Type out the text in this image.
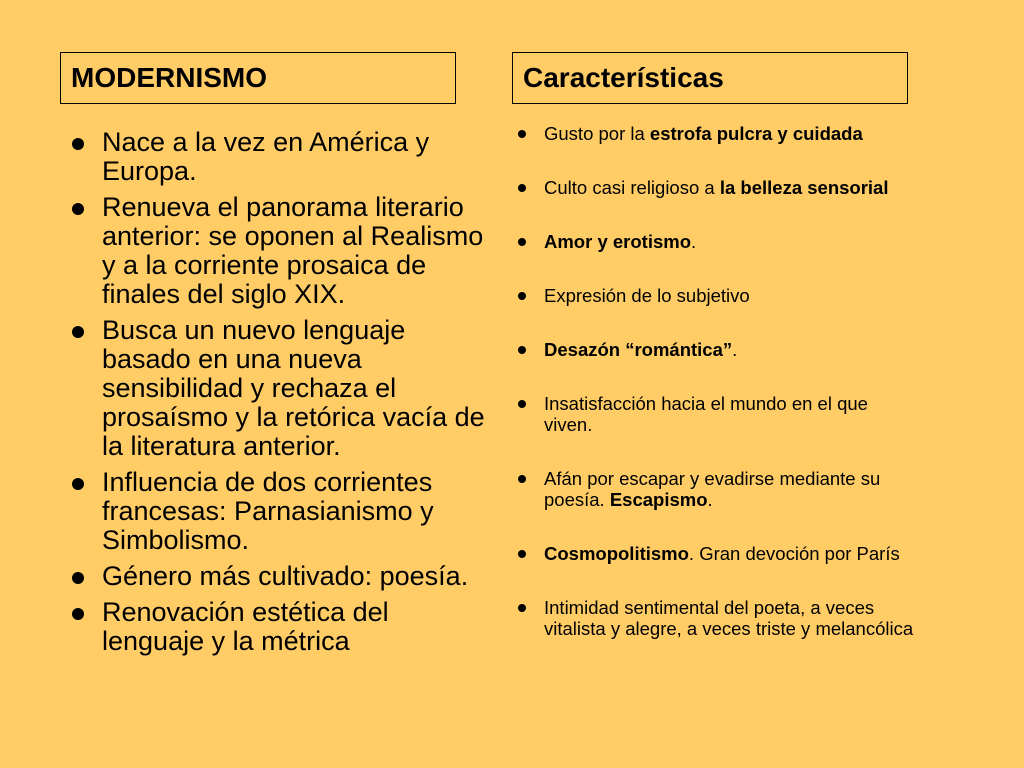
MODERNISMO	Características
Nace a la vez en América y Europa.
Renueva el panorama literario anterior: se oponen al Realismo y a la corriente prosaica de finales del siglo XIX.
Busca un nuevo lenguaje basado en una nueva sensibilidad y rechaza el prosaísmo y la retórica vacía de la literatura anterior.
Influencia de dos corrientes francesas: Parnasianismo y Simbolismo.
Género más cultivado: poesía.
Renovación estética del lenguaje y la métrica
Gusto por la estrofa pulcra y cuidada
Culto casi religioso a la belleza sensorial
Amor y erotismo.
Expresión de lo subjetivo
Desazón “romántica”.
Insatisfacción hacia el mundo en el que viven.
Afán por escapar y evadirse mediante su poesía. Escapismo.
Cosmopolitismo. Gran devoción por París
Intimidad sentimental del poeta, a veces vitalista y alegre, a veces triste y melancólica
